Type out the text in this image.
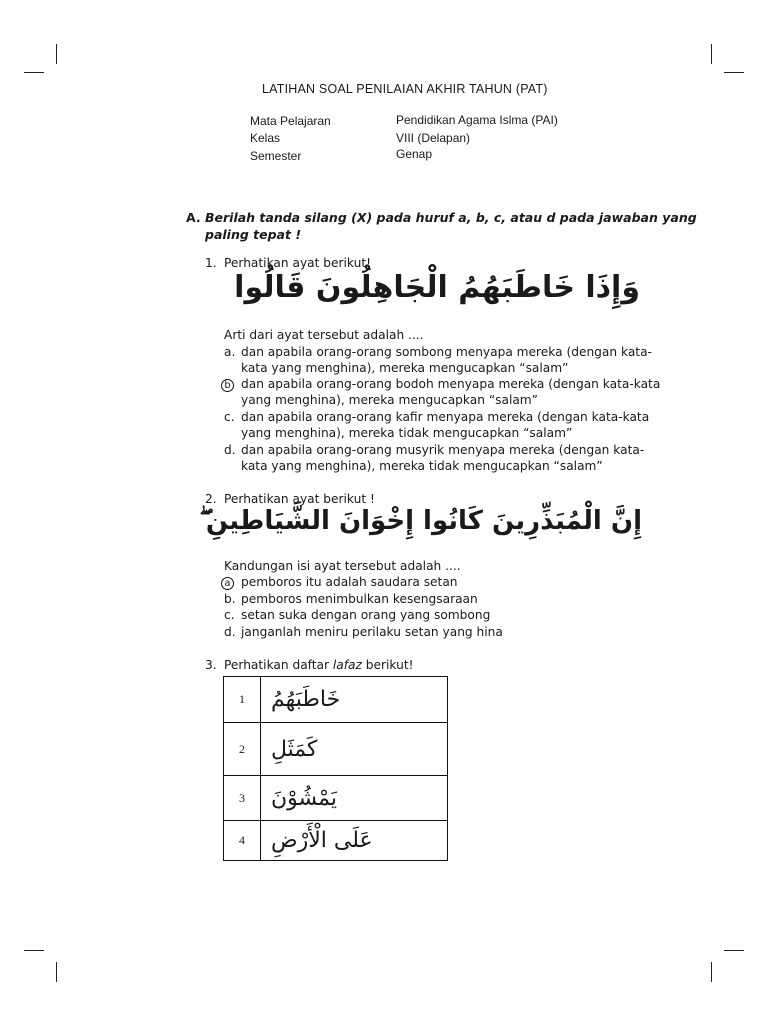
LATIHAN SOAL PENILAIAN AKHIR TAHUN (PAT)
Mata Pelajaran	Pendidikan Agama Islma (PAI)
Kelas	VIII (Delapan)
Semester	Genap
A. Berilah tanda silang (X) pada huruf a, b, c, atau d pada jawaban yang
paling tepat !
1. Perhatikan ayat berikut!
وَإِذَا خَاطَبَهُمُ الْجَاهِلُونَ قَالُوا
Arti dari ayat tersebut adalah ....
a. dan apabila orang-orang sombong menyapa mereka (dengan kata-
kata yang menghina), mereka mengucapkan “salam”
b dan apabila orang-orang bodoh menyapa mereka (dengan kata-kata
yang menghina), mereka mengucapkan “salam”
c. dan apabila orang-orang kafir menyapa mereka (dengan kata-kata
yang menghina), mereka tidak mengucapkan “salam”
d. dan apabila orang-orang musyrik menyapa mereka (dengan kata-
kata yang menghina), mereka tidak mengucapkan “salam”
2. Perhatikan ayat berikut !
إِنَّ الْمُبَذِّرِينَ كَانُوا إِخْوَانَ الشَّيَاطِينِ ۖ
Kandungan isi ayat tersebut adalah ....
a pemboros itu adalah saudara setan
b. pemboros menimbulkan kesengsaraan
c. setan suka dengan orang yang sombong
d. janganlah meniru perilaku setan yang hina
3. Perhatikan daftar lafaz berikut!
1	خَاطَبَهُمُ
2	كَمَثَلِ
3	يَمْشُوْنَ
4	عَلَى الْأَرْضِ
